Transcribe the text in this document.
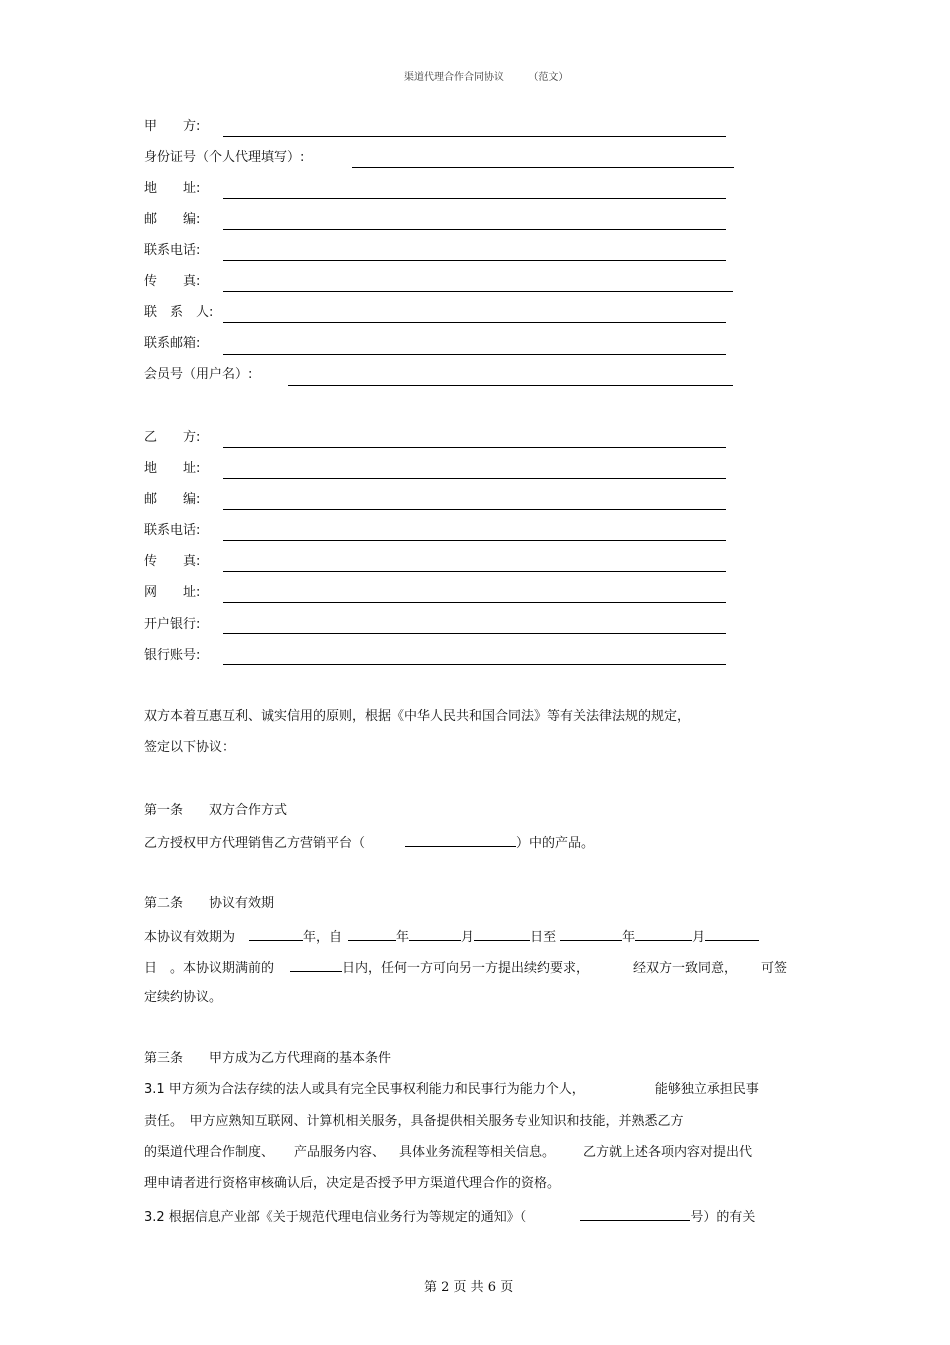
渠道代理合作合同协议 （范文）
甲　　方:
身份证号（个人代理填写）:
地　　址:
邮　　编:
联系电话:
传　　真:
联　系　人:
联系邮箱:
会员号（用户名）:
乙　　方:
地　　址:
邮　　编:
联系电话:
传　　真:
网　　址:
开户银行:
银行账号:
双方本着互惠互利、诚实信用的原则，根据《中华人民共和国合同法》等有关法律法规的规定，
签定以下协议：
第一条　　双方合作方式
乙方授权甲方代理销售乙方营销平台（	）中的产品。
第二条　　协议有效期
本协议有效期为	年，自	年	月	日至	年	月
日　。本协议期满前的	日内，任何一方可向另一方提出续约要求，	经双方一致同意， 可签
定续约协议。
第三条　　甲方成为乙方代理商的基本条件
3.1 甲方须为合法存续的法人或具有完全民事权利能力和民事行为能力个人，	能够独立承担民事
责任。　甲方应熟知互联网、计算机相关服务，具备提供相关服务专业知识和技能，并熟悉乙方
的渠道代理合作制度、 产品服务内容、 具体业务流程等相关信息。 乙方就上述各项内容对提出代
理申请者进行资格审核确认后，决定是否授予甲方渠道代理合作的资格。
3.2 根据信息产业部《关于规范代理电信业务行为等规定的通知》（	号）的有关
第 2 页 共 6 页
